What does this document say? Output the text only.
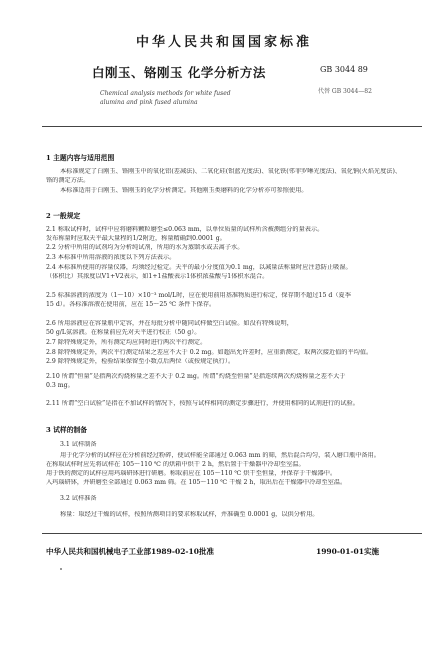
中华人民共和国国家标准
白刚玉、铬刚玉 化学分析方法	GB 3044 89
Chemical analysis methods for white fused
alumina and pink fused alumina
代替 GB 3044—82
1 主题内容与适用范围
本标准规定了白刚玉、铬刚玉中的氧化铝(差减法)、二氧化硅(钼蓝光度法)、氧化铁(邻菲罗啉光度法)、氧化钠(火焰光度法)、
铬的测定方法。
本标准适用于白刚玉、铬刚玉的化学分析测定。其他刚玉类磨料的化学分析亦可参照使用。
2 一般规定
2.1 称取试样时，试样中应将磨料颗粒磨至≤0.063 mm，以单位质量的试样所含被测组分的量表示。
发布称量时应取天平最大量程的1/2附近，称量精确到0.0001 g。
2.2 分析中所用的试剂均为分析纯试剂，所用的水为蒸馏水或去离子水。
2.3 本标准中所用溶液的浓度以下列方法表示。
2.4 本标准所使用的容量仪器，均须经过检定。天平的最小分度值为0.1 mg，以减量法称量时应注意防止吸湿。
（体积比）其浓度以V1+V2表示，如1+1盐酸表示1体积浓盐酸与1体积水混合。
2.5 标准溶液的浓度为（1～10）×10⁻³ mol/L时，应在使用前用基准物质进行标定，保存期不超过15 d（夏季
15 d）。各标准溶液在使用前，应在 15～25 ℃ 条件下保存。
2.6 所用溶液应在容量瓶中定容，并在每批分析中随同试样做空白试验。如没有特殊说明，
50 g/L氨溶液。在称量前应先对天平进行校正（50 g）。
2.7 除特殊规定外，所有测定均应同时进行两次平行测定。
2.8 除特殊规定外，两次平行测定结果之差应不大于 0.2 mg。如超出允许差时，应重新测定，取两次接近值的平均值。
2.9 除特殊规定外，检验结果保留至小数点后两位（或按规定执行）。
2.10 所谓“恒量”是指两次灼烧称量之差不大于 0.2 mg。所谓“灼烧至恒量”是指连续两次灼烧称量之差不大于
0.3 mg。
2.11 所谓“空白试验”是指在不加试样的情况下，按照与试样相同的测定步骤进行，并使用相同的试剂进行的试验。
3 试样的制备
3.1 试样制备
用于化学分析的试样应在分析前经过粉碎，使试样能全部通过 0.063 mm 的筛，然后混合均匀，装入磨口瓶中备用。
在称取试样时应先将试样在 105～110 ℃ 的烘箱中烘干 2 h，然后置于干燥器中冷却至室温。
用于铁的测定的试样应用玛瑙研钵进行研磨。称取前应在 105～110 ℃ 烘干至恒量，并保存于干燥器中。
入玛瑙研钵，并研磨至全部通过 0.063 mm 筛。在 105～110 ℃ 干燥 2 h，取出后在干燥器中冷却至室温。
3.2 试样准备
称量：取经过干燥的试样，按照所测项目的要求称取试样，并准确至 0.0001 g，以供分析用。
中华人民共和国机械电子工业部1989-02-10批准	1990-01-01实施
